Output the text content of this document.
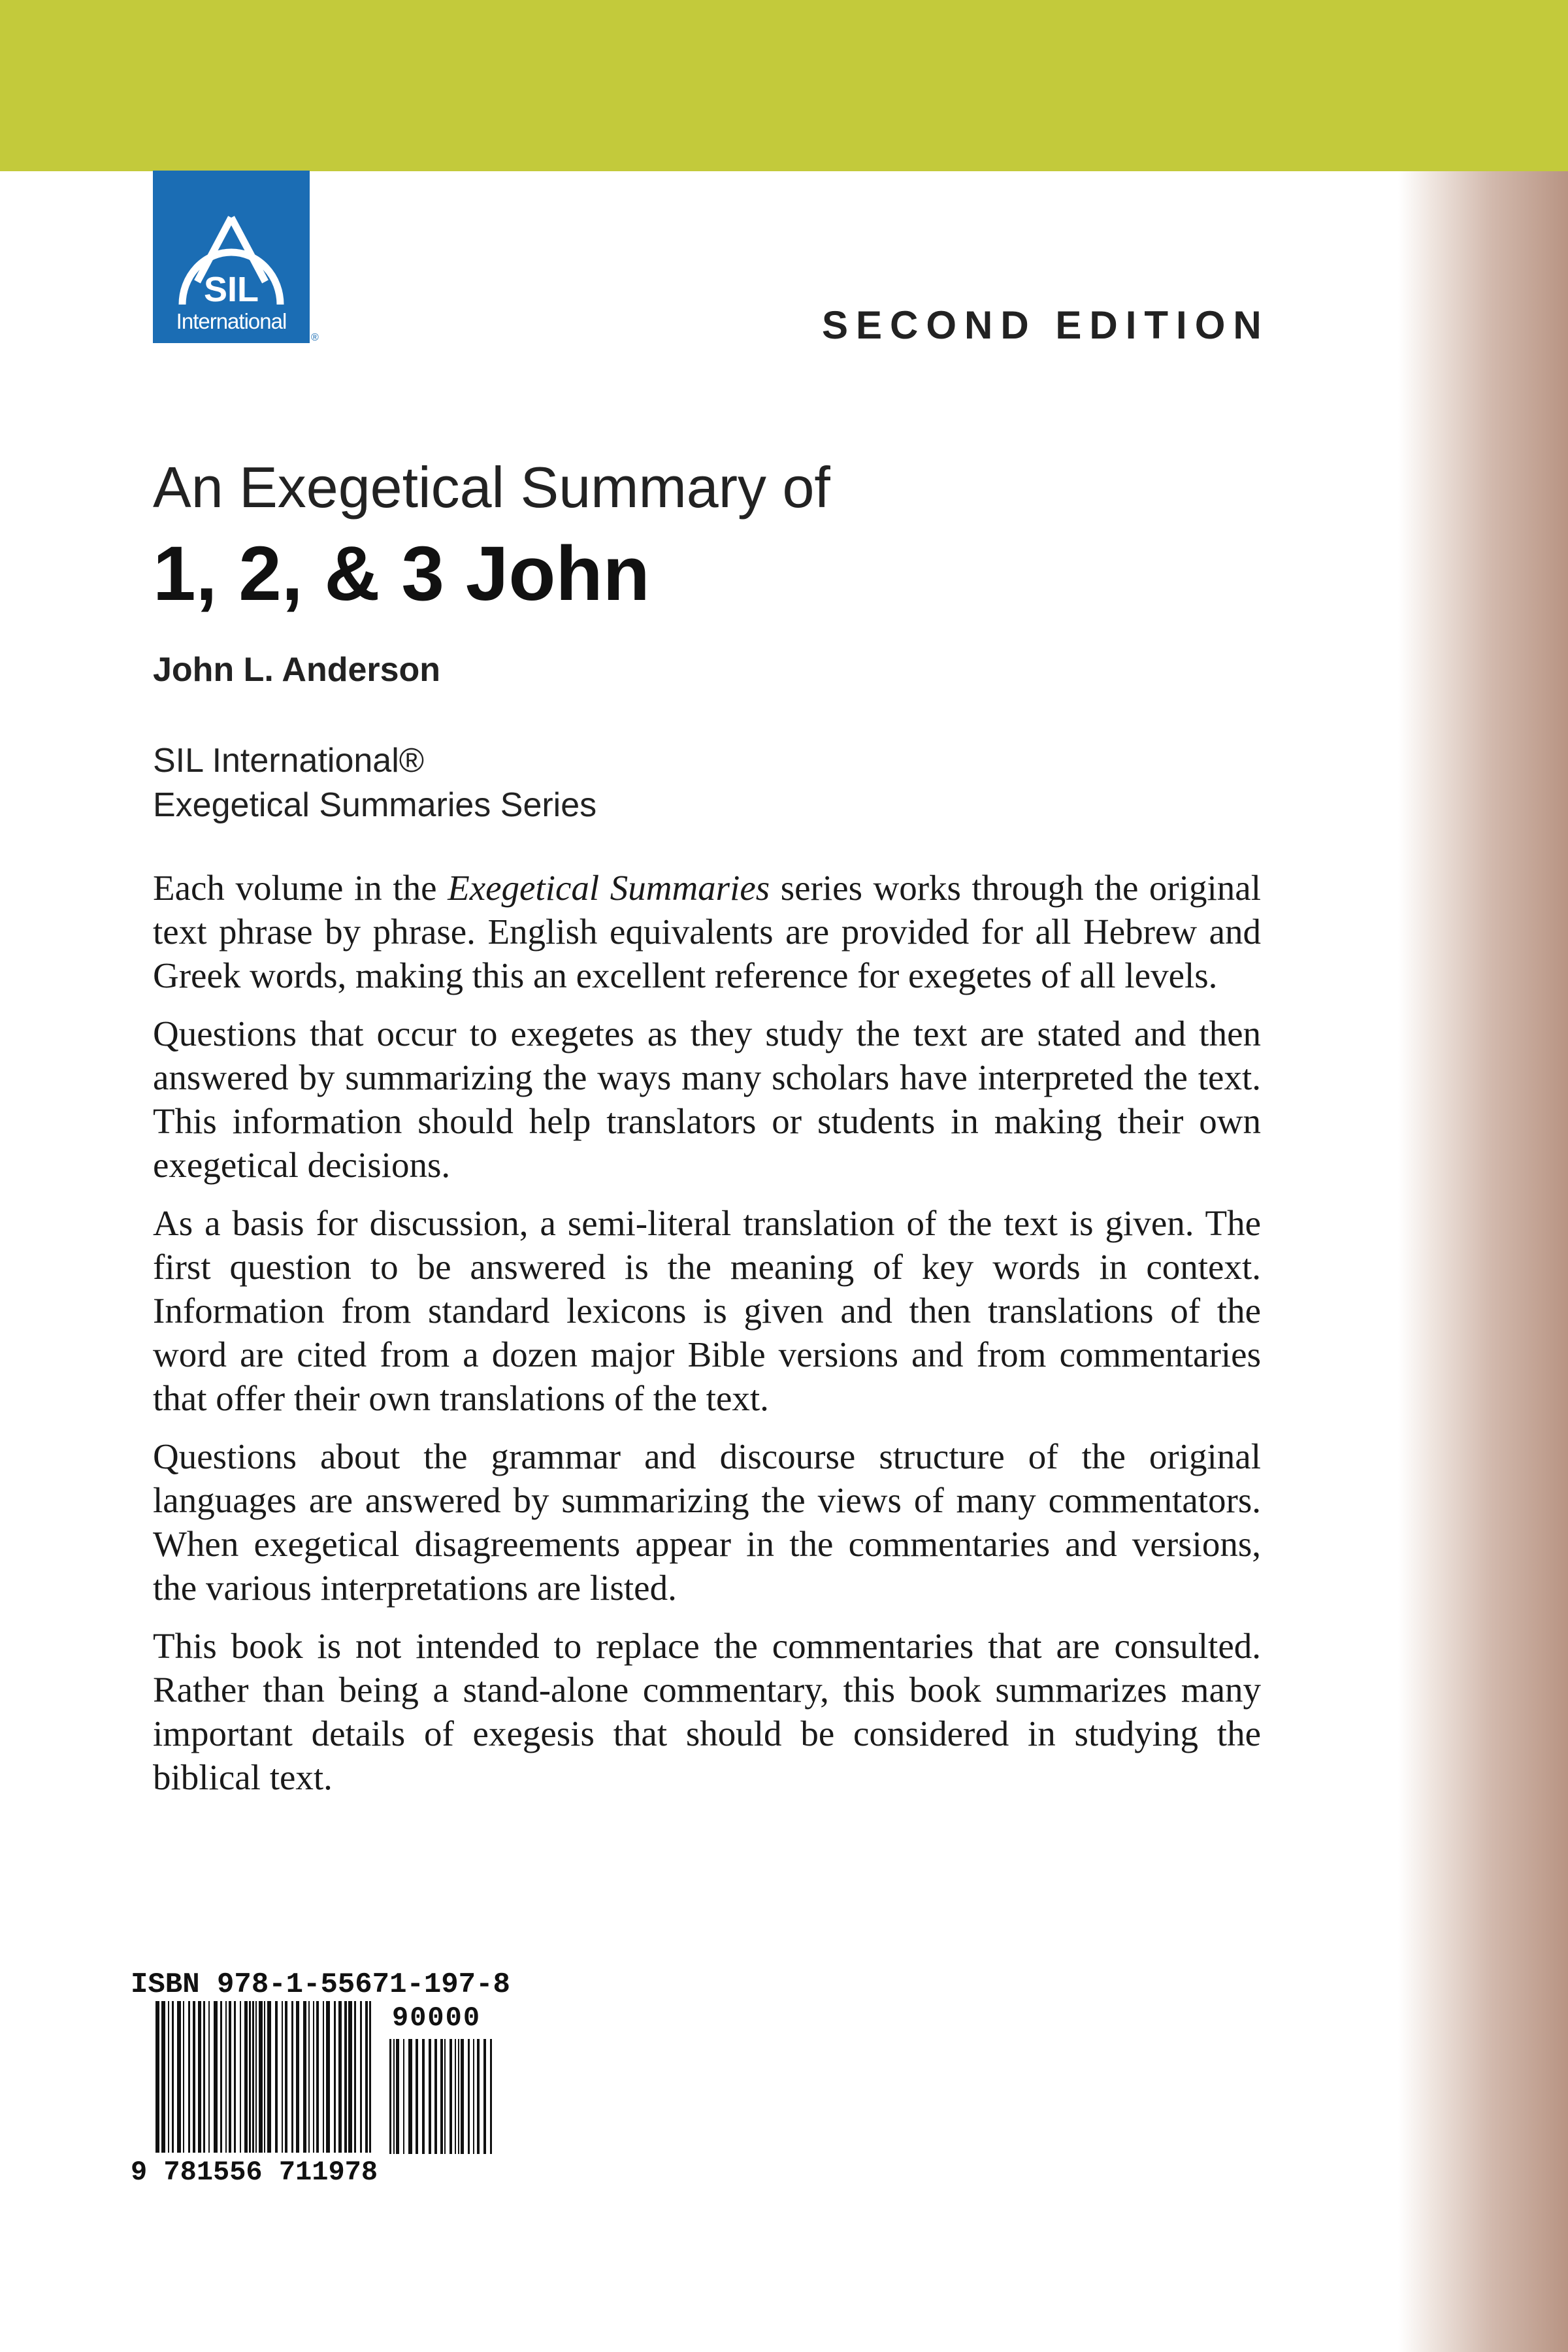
SIL
International
®	SECOND EDITION
An Exegetical Summary of
1, 2, & 3 John
John L. Anderson
SIL International®
Exegetical Summaries Series

Each volume in the Exegetical Summaries series works through the original text phrase by phrase. English equivalents are provided for all Hebrew and Greek words, making this an excellent reference for exegetes of all levels.

Questions that occur to exegetes as they study the text are stated and then answered by summarizing the ways many scholars have interpreted the text. This information should help translators or students in making their own exegetical decisions.

As a basis for discussion, a semi-literal translation of the text is given. The first question to be answered is the meaning of key words in context. Information from standard lexicons is given and then translations of the word are cited from a dozen major Bible versions and from commentaries that offer their own translations of the text.

Questions about the grammar and discourse structure of the original languages are answered by summarizing the views of many commentators. When exegetical disagreements appear in the commentaries and versions, the various interpretations are listed.

This book is not intended to replace the commentaries that are consulted. Rather than being a stand-alone commentary, this book summarizes many important details of exegesis that should be considered in studying the biblical text.

ISBN 978-1-55671-197-8
90000
9 781556 711978
